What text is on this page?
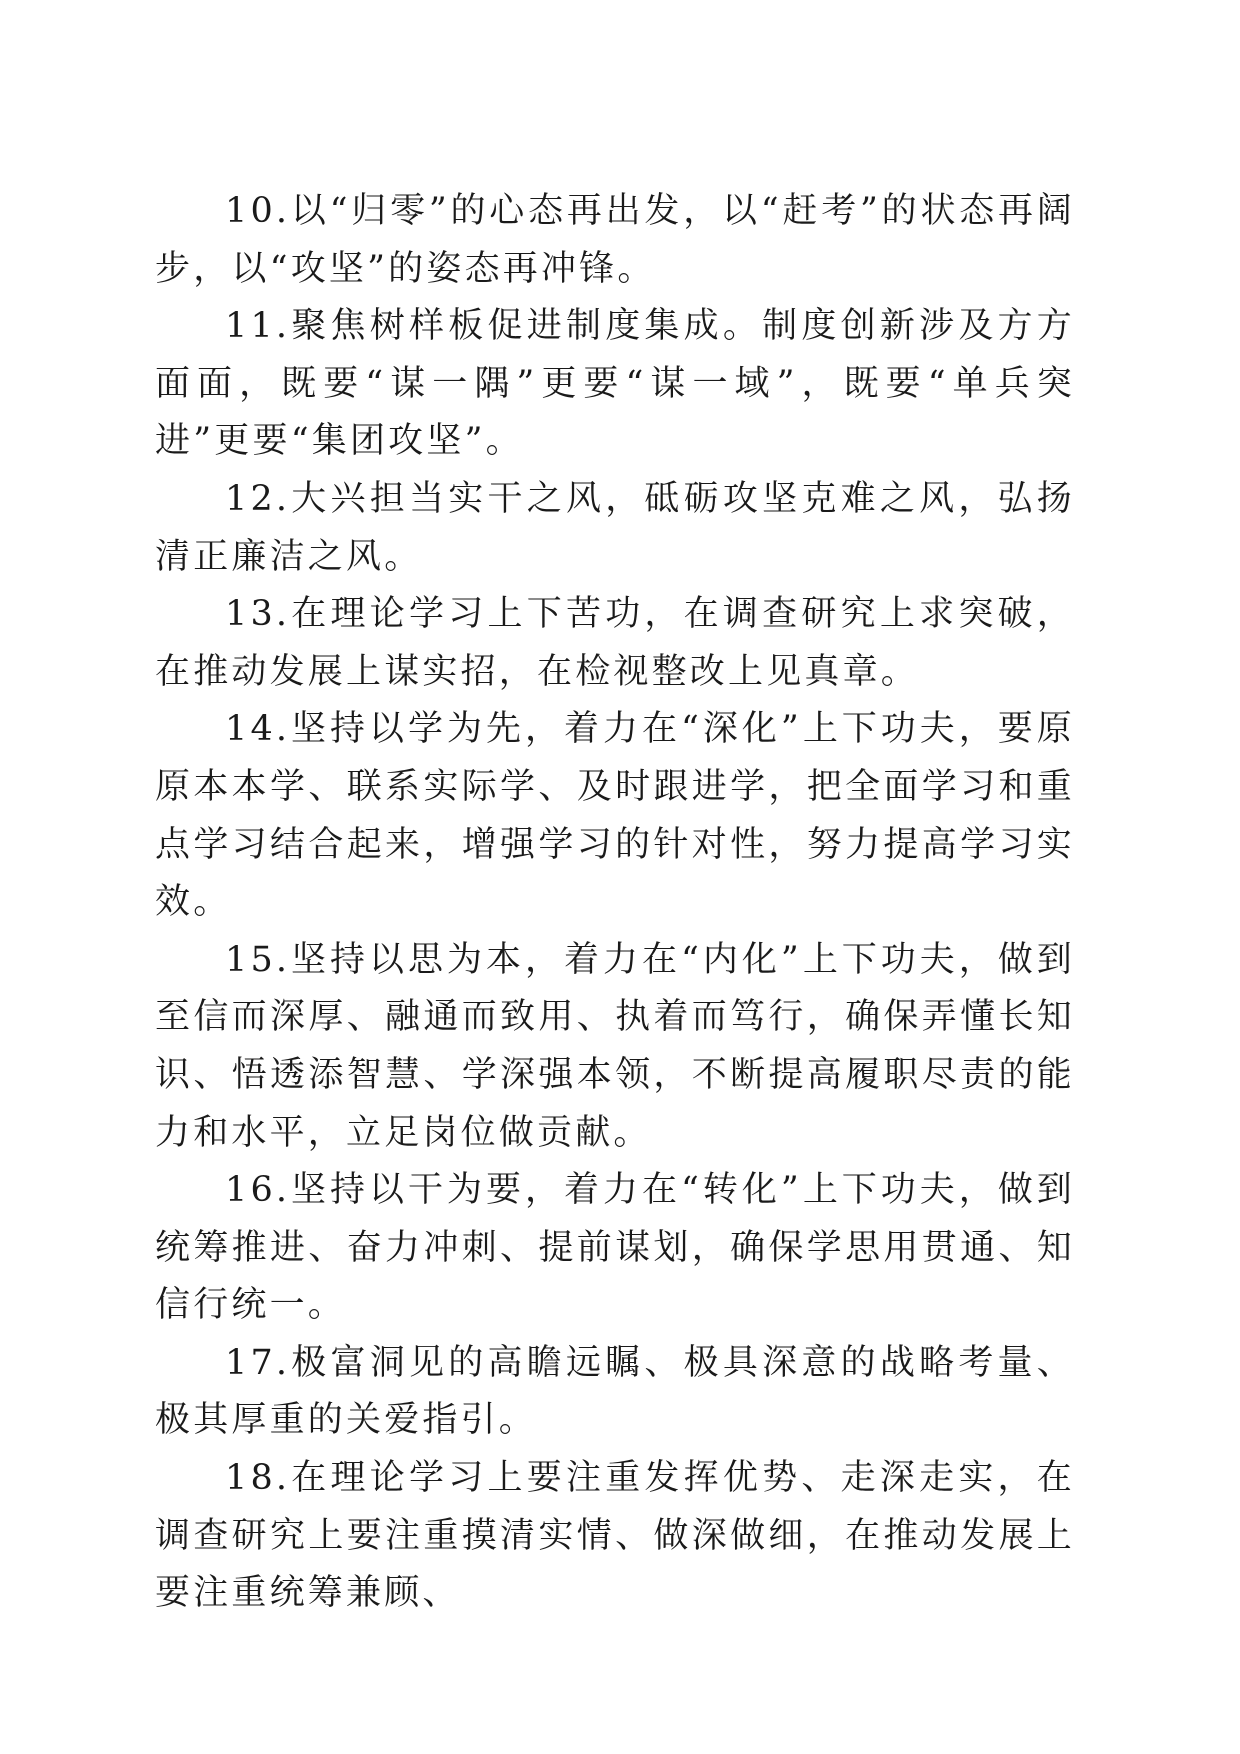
10.以“归零”的心态再出发，以“赶考”的状态再阔步，以“攻坚”的姿态再冲锋。

11.聚焦树样板促进制度集成。制度创新涉及方方面面，既要“谋一隅”更要“谋一域”，既要“单兵突进”更要“集团攻坚”。

12.大兴担当实干之风，砥砺攻坚克难之风，弘扬清正廉洁之风。

13.在理论学习上下苦功，在调查研究上求突破，在推动发展上谋实招，在检视整改上见真章。

14.坚持以学为先，着力在“深化”上下功夫，要原原本本学、联系实际学、及时跟进学，把全面学习和重点学习结合起来，增强学习的针对性，努力提高学习实效。

15.坚持以思为本，着力在“内化”上下功夫，做到至信而深厚、融通而致用、执着而笃行，确保弄懂长知识、悟透添智慧、学深强本领，不断提高履职尽责的能力和水平，立足岗位做贡献。

16.坚持以干为要，着力在“转化”上下功夫，做到统筹推进、奋力冲刺、提前谋划，确保学思用贯通、知信行统一。

17.极富洞见的高瞻远瞩、极具深意的战略考量、极其厚重的关爱指引。

18.在理论学习上要注重发挥优势、走深走实，在调查研究上要注重摸清实情、做深做细，在推动发展上要注重统筹兼顾、
